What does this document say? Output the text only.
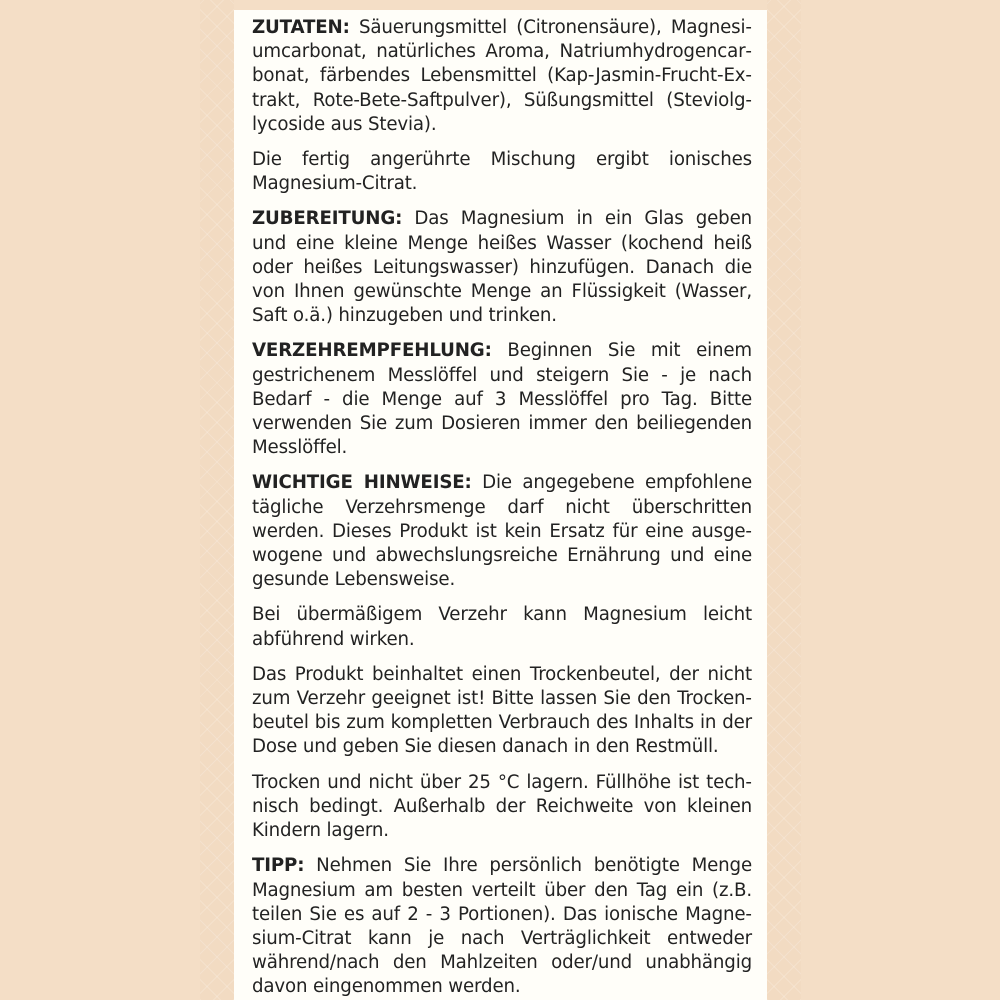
ZUTATEN: Säuerungsmittel (Citronensäure), Magnesiumcarbonat, natürliches Aroma, Natriumhydrogencarbonat, färbendes Lebensmittel (Kap-Jasmin-Frucht-Extrakt, Rote-Bete-Saftpulver), Süßungsmittel (Steviolglycoside aus Stevia).

Die fertig angerührte Mischung ergibt ionisches Magnesium-Citrat.

ZUBEREITUNG: Das Magnesium in ein Glas geben und eine kleine Menge heißes Wasser (kochend heiß oder heißes Leitungswasser) hinzufügen. Danach die von Ihnen gewünschte Menge an Flüssigkeit (Wasser, Saft o.ä.) hinzugeben und trinken.

VERZEHREMPFEHLUNG: Beginnen Sie mit einem gestrichenem Messlöffel und steigern Sie - je nach Bedarf - die Menge auf 3 Messlöffel pro Tag. Bitte verwenden Sie zum Dosieren immer den beiliegenden Messlöffel.

WICHTIGE HINWEISE: Die angegebene empfohlene tägliche Verzehrsmenge darf nicht überschritten werden. Dieses Produkt ist kein Ersatz für eine ausgewogene und abwechslungsreiche Ernährung und eine gesunde Lebensweise.

Bei übermäßigem Verzehr kann Magnesium leicht abführend wirken.

Das Produkt beinhaltet einen Trockenbeutel, der nicht zum Verzehr geeignet ist! Bitte lassen Sie den Trockenbeutel bis zum kompletten Verbrauch des Inhalts in der Dose und geben Sie diesen danach in den Restmüll.

Trocken und nicht über 25 °C lagern. Füllhöhe ist technisch bedingt. Außerhalb der Reichweite von kleinen Kindern lagern.

TIPP: Nehmen Sie Ihre persönlich benötigte Menge Magnesium am besten verteilt über den Tag ein (z.B. teilen Sie es auf 2 - 3 Portionen). Das ionische Magnesium-Citrat kann je nach Verträglichkeit entweder während/nach den Mahlzeiten oder/und unabhängig davon eingenommen werden.
